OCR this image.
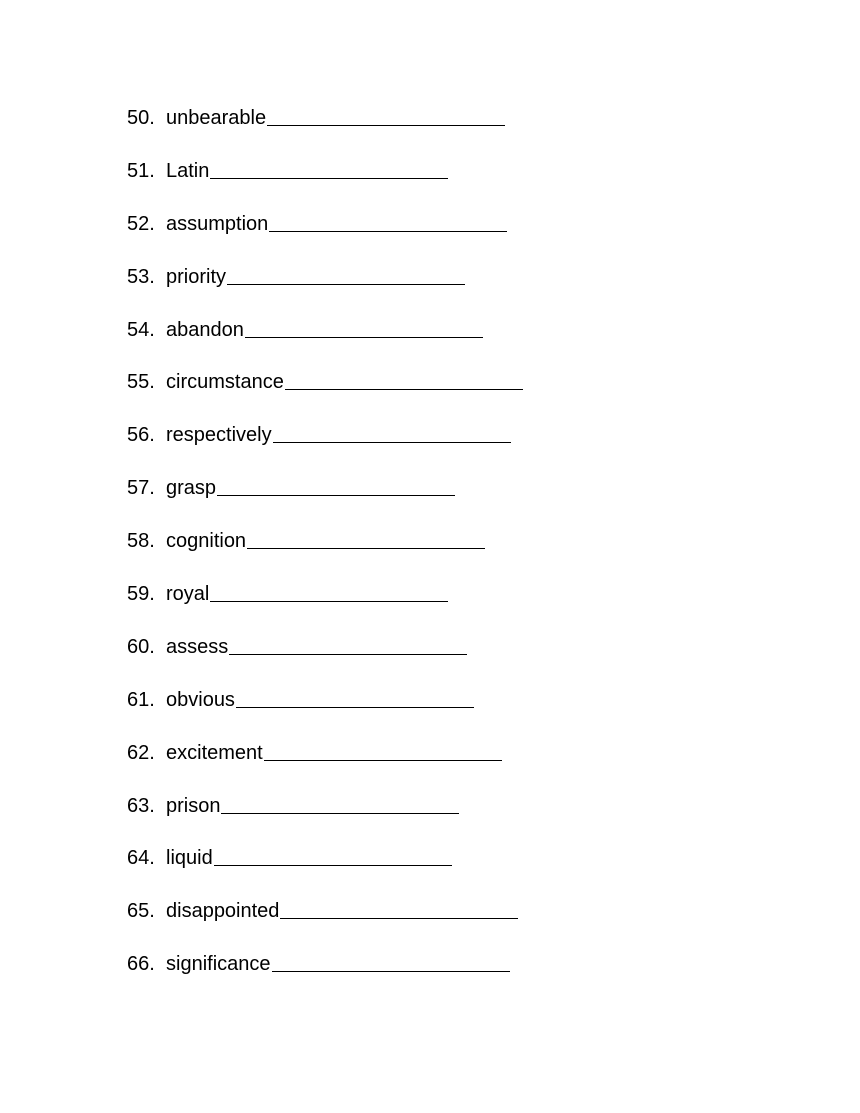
50. unbearable
51. Latin
52. assumption
53. priority
54. abandon
55. circumstance
56. respectively
57. grasp
58. cognition
59. royal
60. assess
61. obvious
62. excitement
63. prison
64. liquid
65. disappointed
66. significance
